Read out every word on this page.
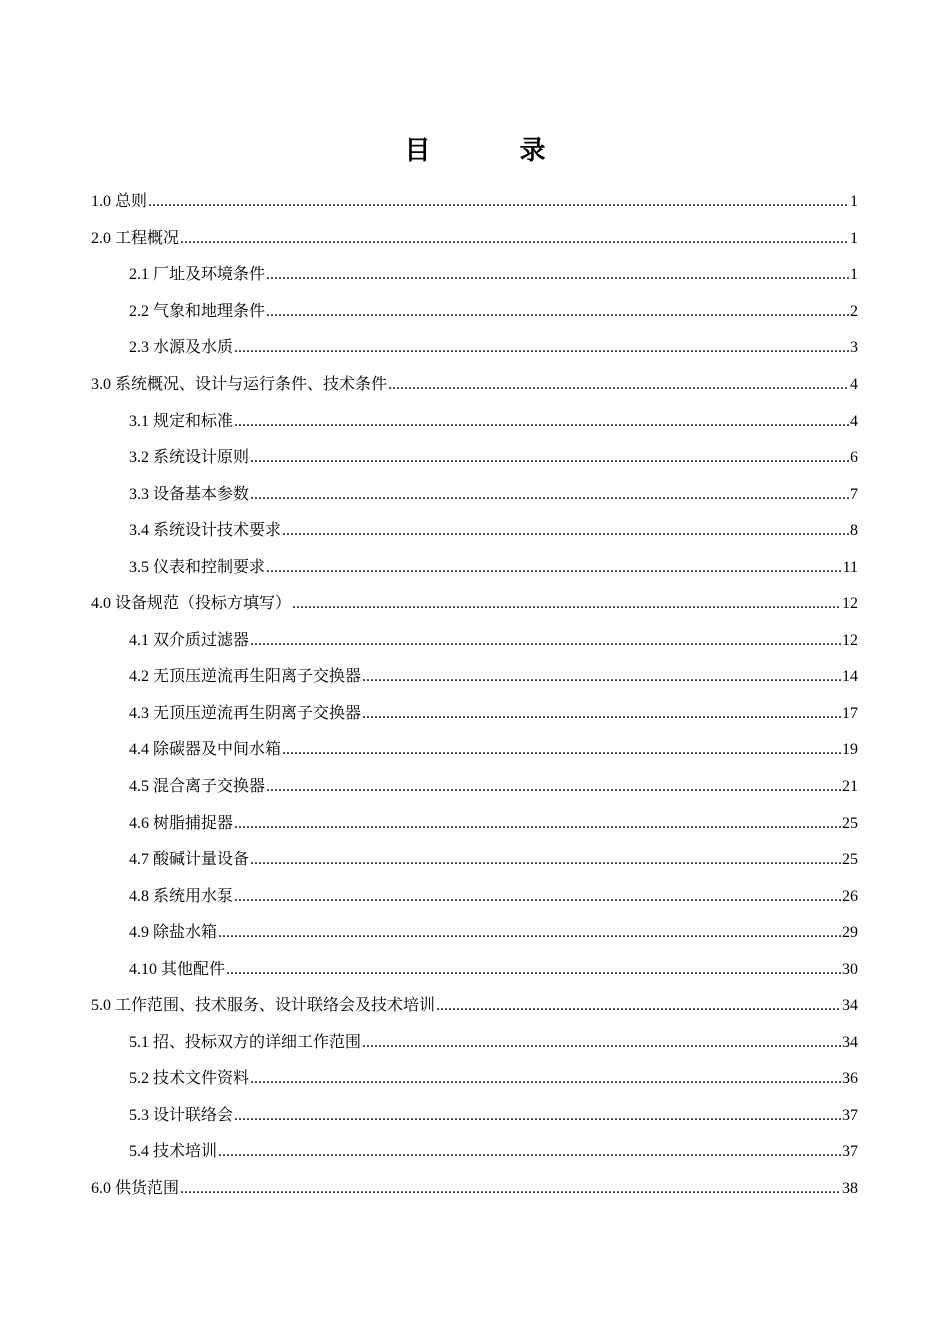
目 录
1.0 总则 .....	1
2.0 工程概况 .....	1
2.1 厂址及环境条件 .....	1
2.2 气象和地理条件 .....	2
2.3 水源及水质 .....	3
3.0 系统概况、设计与运行条件、技术条件 .....	4
3.1 规定和标准 .....	4
3.2 系统设计原则 .....	6
3.3 设备基本参数 .....	7
3.4 系统设计技术要求 .....	8
3.5 仪表和控制要求 .....	11
4.0 设备规范（投标方填写） .....	12
4.1 双介质过滤器 .....	12
4.2 无顶压逆流再生阳离子交换器 .....	14
4.3 无顶压逆流再生阴离子交换器 .....	17
4.4 除碳器及中间水箱 .....	19
4.5 混合离子交换器 .....	21
4.6 树脂捕捉器 .....	25
4.7 酸碱计量设备 .....	25
4.8 系统用水泵 .....	26
4.9 除盐水箱 .....	29
4.10 其他配件 .....	30
5.0 工作范围、技术服务、设计联络会及技术培训 .....	34
5.1 招、投标双方的详细工作范围 .....	34
5.2 技术文件资料 .....	36
5.3 设计联络会 .....	37
5.4 技术培训 .....	37
6.0 供货范围 .....	38
